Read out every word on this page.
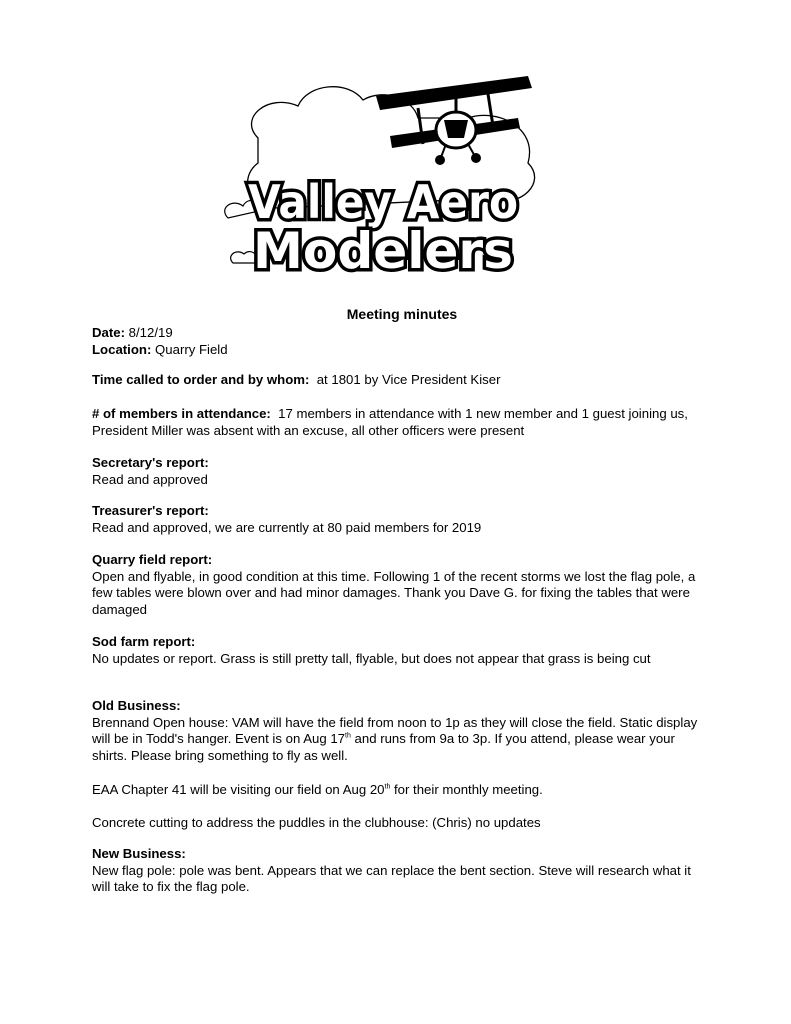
Valley Aero
Modelers
Meeting minutes

Date: 8/12/19

Location: Quarry Field

Time called to order and by whom: at 1801 by Vice President Kiser

# of members in attendance: 17 members in attendance with 1 new member and 1 guest joining us, President Miller was absent with an excuse, all other officers were present

Secretary's report:

Read and approved

Treasurer's report:

Read and approved, we are currently at 80 paid members for 2019

Quarry field report:

Open and flyable, in good condition at this time. Following 1 of the recent storms we lost the flag pole, a few tables were blown over and had minor damages. Thank you Dave G. for fixing the tables that were damaged

Sod farm report:

No updates or report. Grass is still pretty tall, flyable, but does not appear that grass is being cut

Old Business:

Brennand Open house: VAM will have the field from noon to 1p as they will close the field. Static display will be in Todd's hanger. Event is on Aug 17th and runs from 9a to 3p. If you attend, please wear your shirts. Please bring something to fly as well.

EAA Chapter 41 will be visiting our field on Aug 20th for their monthly meeting.

Concrete cutting to address the puddles in the clubhouse: (Chris) no updates

New Business:

New flag pole: pole was bent. Appears that we can replace the bent section. Steve will research what it will take to fix the flag pole.
